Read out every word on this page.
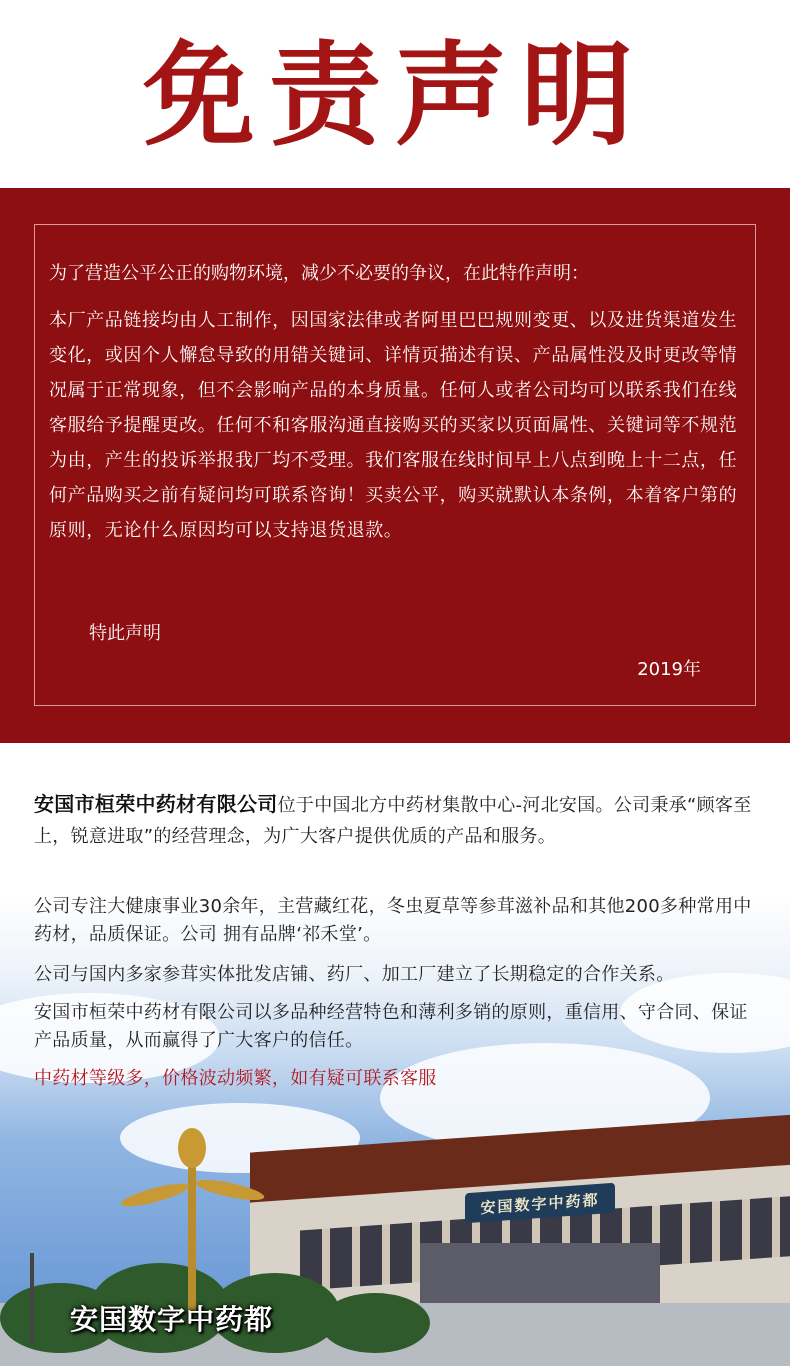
免责声明

为了营造公平公正的购物环境，减少不必要的争议，在此特作声明：

本厂产品链接均由人工制作，因国家法律或者阿里巴巴规则变更、以及进货渠道发生变化，或因个人懈怠导致的用错关键词、详情页描述有误、产品属性没及时更改等情况属于正常现象，但不会影响产品的本身质量。任何人或者公司均可以联系我们在线客服给予提醒更改。任何不和客服沟通直接购买的买家以页面属性、关键词等不规范为由，产生的投诉举报我厂均不受理。我们客服在线时间早上八点到晚上十二点，任何产品购买之前有疑问均可联系咨询！买卖公平，购买就默认本条例，本着客户第的原则，无论什么原因均可以支持退货退款。

特此声明

2019年

安国市桓荣中药材有限公司位于中国北方中药材集散中心-河北安国。公司秉承“顾客至上，锐意进取”的经营理念，为广大客户提供优质的产品和服务。

公司专注大健康事业30余年，主营藏红花，冬虫夏草等参茸滋补品和其他200多种常用中药材，品质保证。公司 拥有品牌‘祁禾堂’。

公司与国内多家参茸实体批发店铺、药厂、加工厂建立了长期稳定的合作关系。

安国市桓荣中药材有限公司以多品种经营特色和薄利多销的原则，重信用、守合同、保证产品质量，从而赢得了广大客户的信任。

中药材等级多，价格波动频繁，如有疑可联系客服

安国数字中药都
安国数字中药都
